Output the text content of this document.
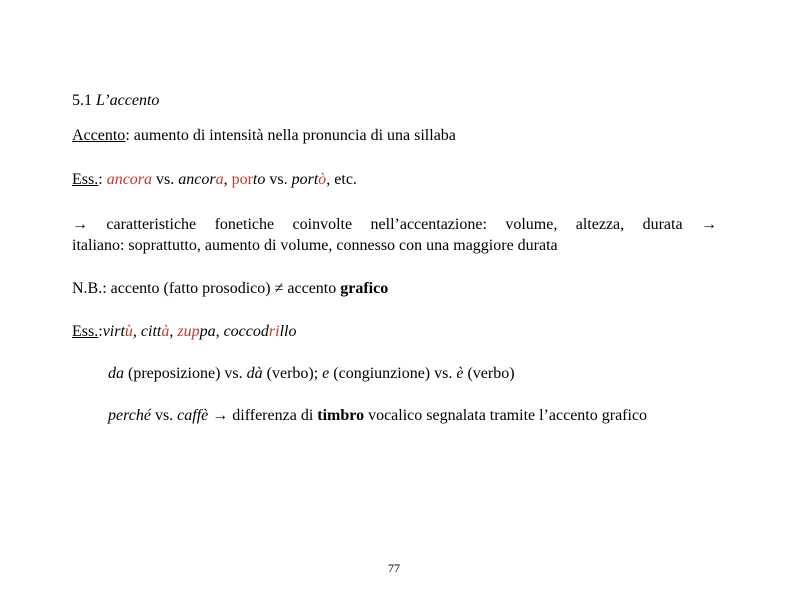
5.1 L’accento
Accento: aumento di intensità nella pronuncia di una sillaba
Ess.: ancora vs. ancora, porto vs. portò, etc.
→ caratteristiche fonetiche coinvolte nell’accentazione: volume, altezza, durata →
italiano: soprattutto, aumento di volume, connesso con una maggiore durata
N.B.: accento (fatto prosodico) ≠ accento grafico
Ess.:virtù, città, zuppa, coccodrillo
da (preposizione) vs. dà (verbo); e (congiunzione) vs. è (verbo)
perché vs. caffè → differenza di timbro vocalico segnalata tramite l’accento grafico
77
